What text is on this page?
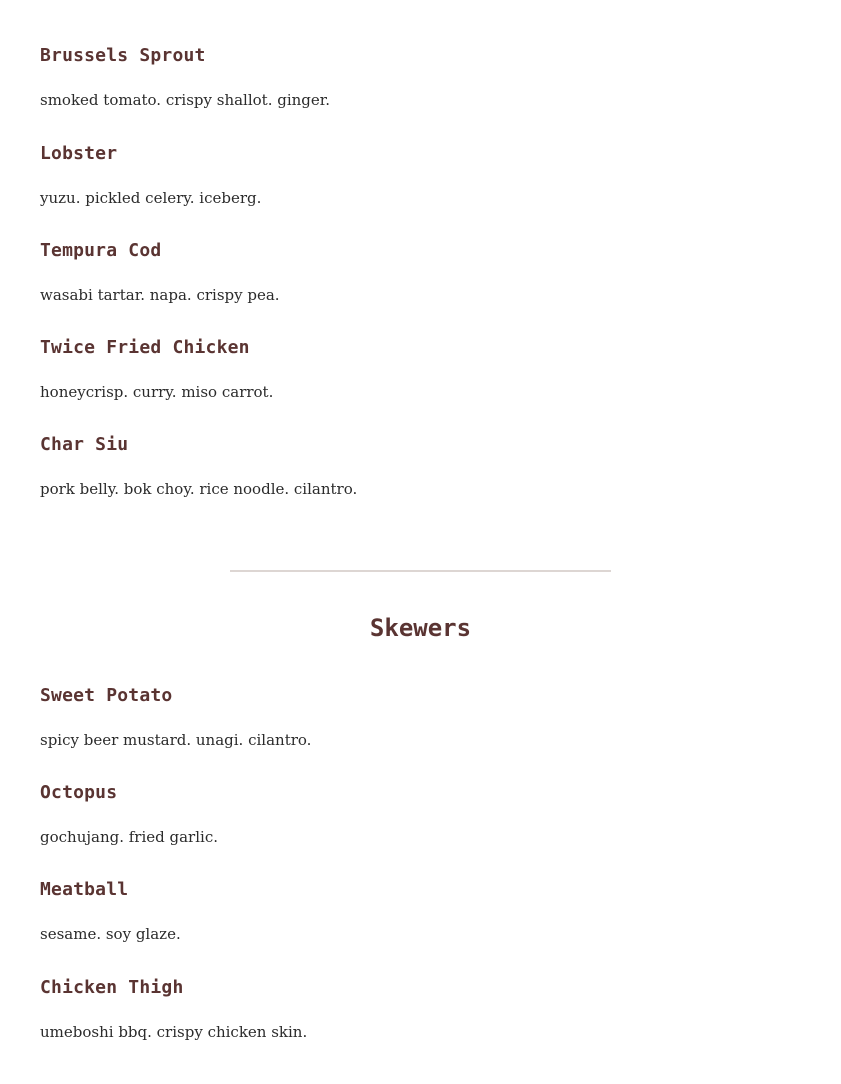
Brussels Sprout

smoked tomato. crispy shallot. ginger.

Lobster

yuzu. pickled celery. iceberg.

Tempura Cod

wasabi tartar. napa. crispy pea.

Twice Fried Chicken

honeycrisp. curry. miso carrot.

Char Siu

pork belly. bok choy. rice noodle. cilantro.

Skewers
Sweet Potato

spicy beer mustard. unagi. cilantro.

Octopus

gochujang. fried garlic.

Meatball

sesame. soy glaze.

Chicken Thigh

umeboshi bbq. crispy chicken skin.
